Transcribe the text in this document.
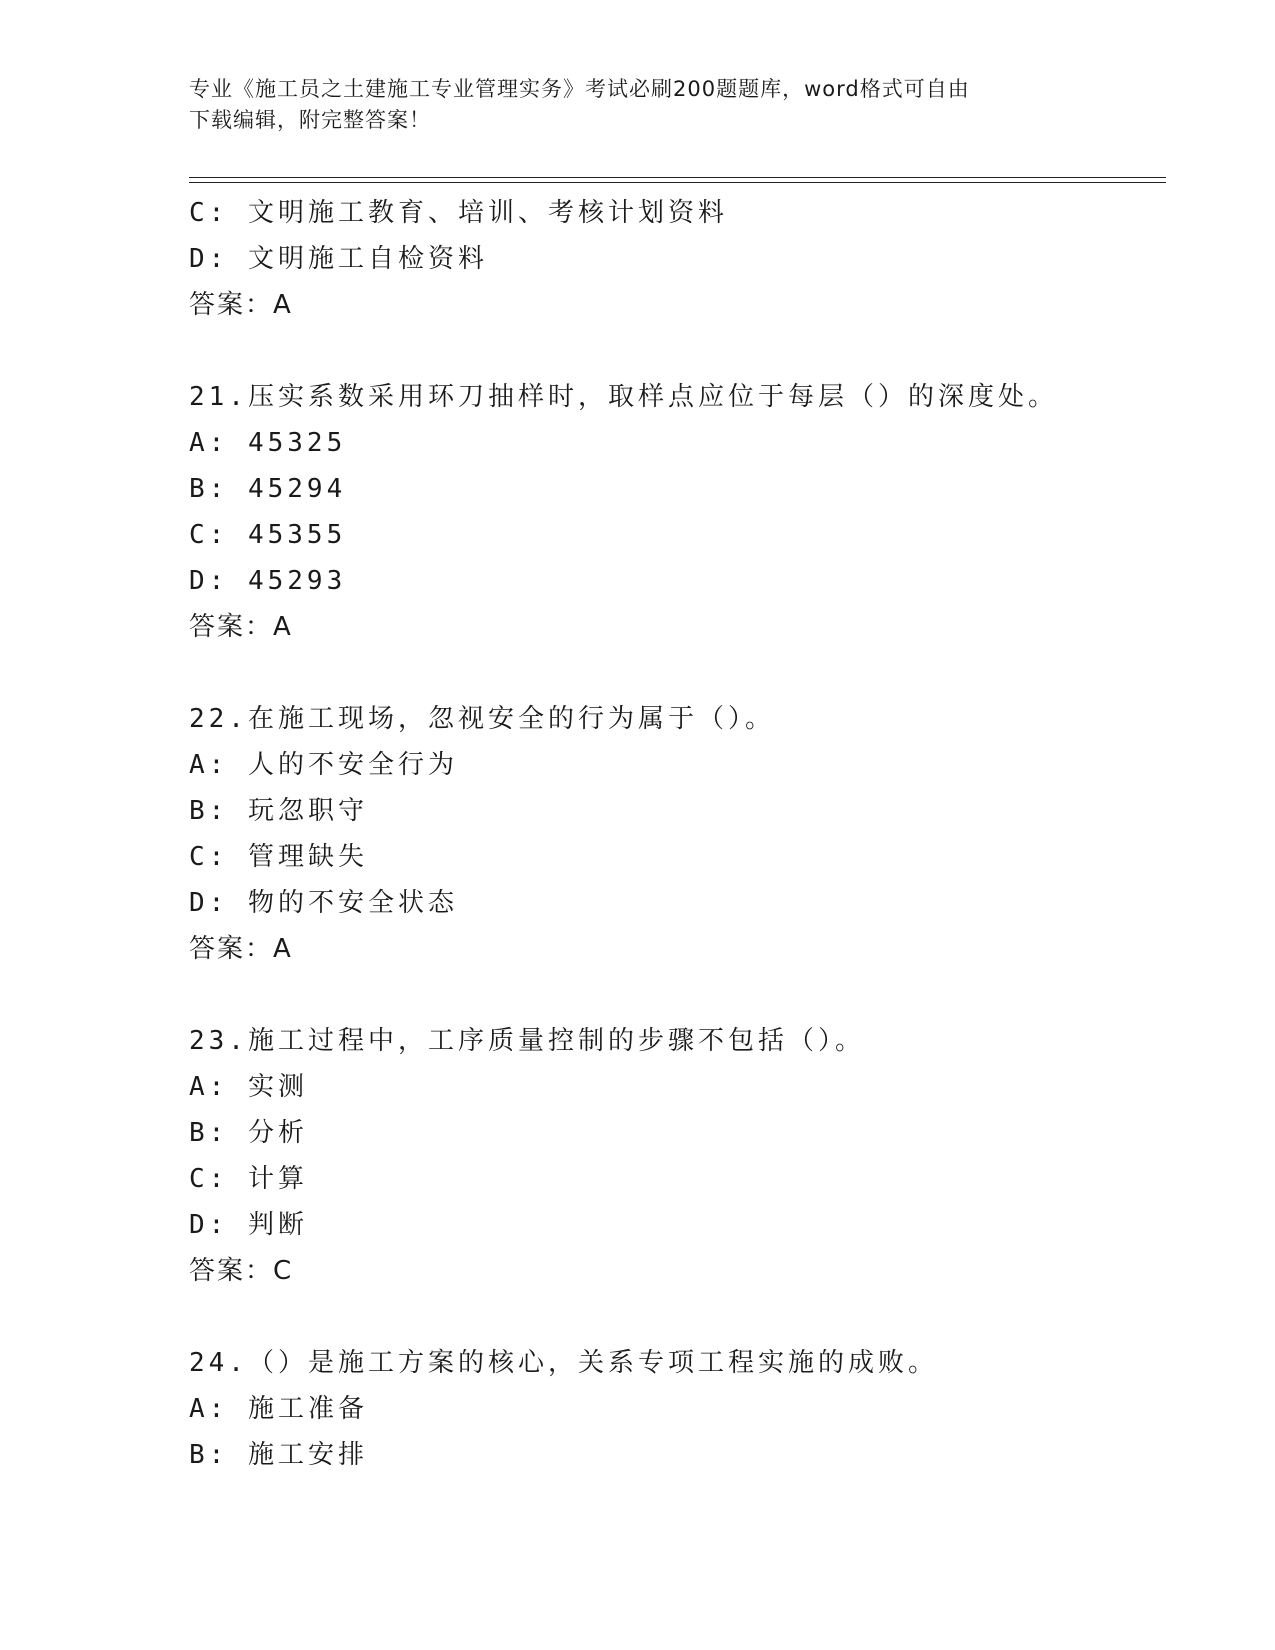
专业《施工员之土建施工专业管理实务》考试必刷200题题库，word格式可自由
下载编辑，附完整答案！
C: 文明施工教育、培训、考核计划资料
D: 文明施工自检资料
答案：A
21.压实系数采用环刀抽样时，取样点应位于每层（）的深度处。
A: 45325
B: 45294
C: 45355
D: 45293
答案：A
22.在施工现场，忽视安全的行为属于（）。
A: 人的不安全行为
B: 玩忽职守
C: 管理缺失
D: 物的不安全状态
答案：A
23.施工过程中，工序质量控制的步骤不包括（）。
A: 实测
B: 分析
C: 计算
D: 判断
答案：C
24.（）是施工方案的核心，关系专项工程实施的成败。
A: 施工准备
B: 施工安排
